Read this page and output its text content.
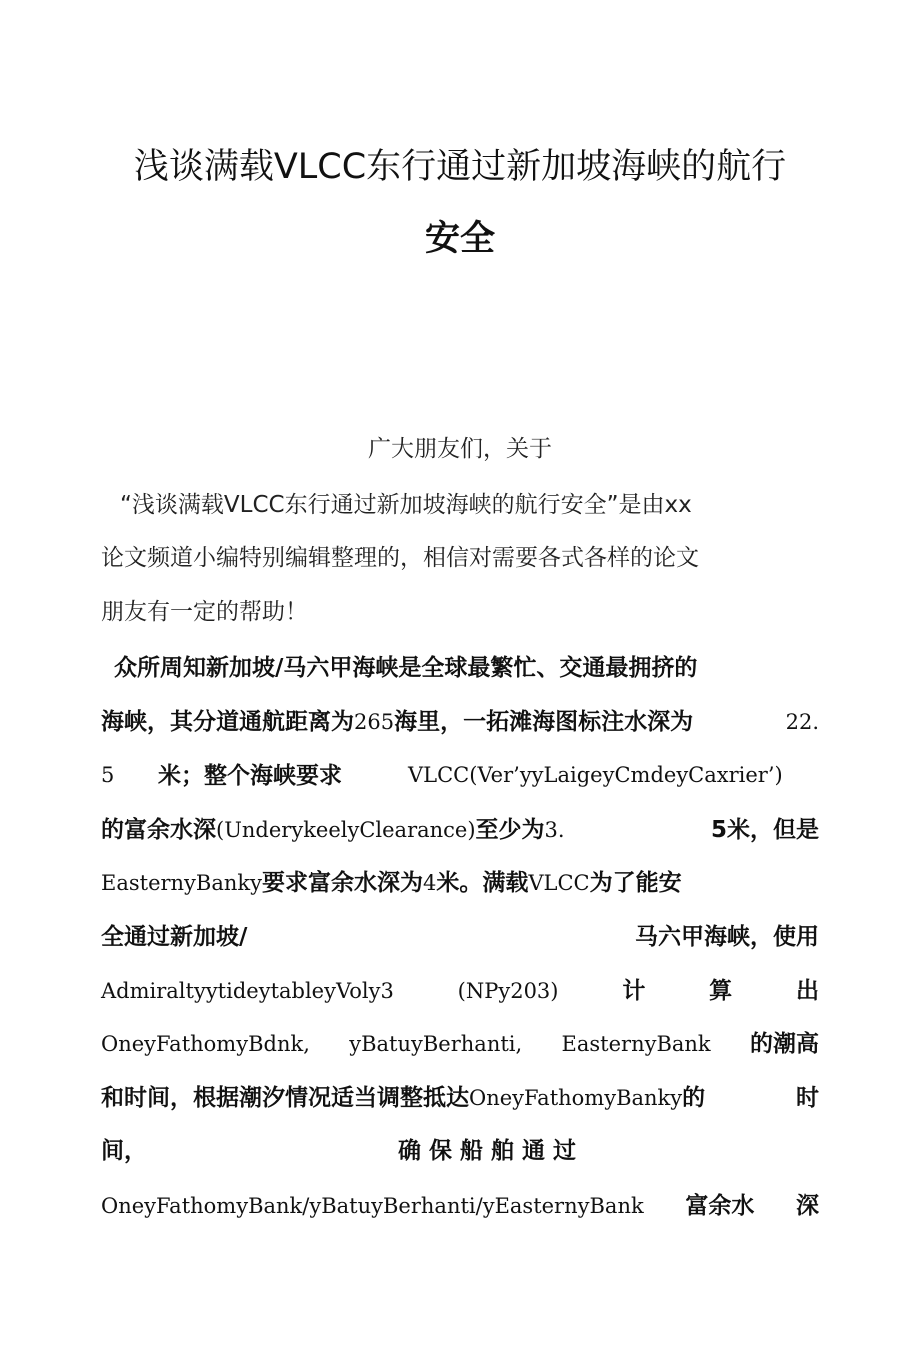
浅谈满载VLCC东行通过新加坡海峡的航行
安全
广大朋友们，关于
“浅谈满载VLCC东行通过新加坡海峡的航行安全”是由xx
论文频道小编特别编辑整理的，相信对需要各式各样的论文
朋友有一定的帮助！
众所周知新加坡/马六甲海峡是全球最繁忙、交通最拥挤的
海峡，其分道通航距离为265海里，一拓滩海图标注水深为	22.
5 米；整个海峡要求	VLCC(Ver’yyLaigeyCmdeyCaxrier’)
的富余水深(UnderykeelyClearance)至少为3.	5米，但是
EasternyBanky要求富余水深为4米。满载VLCC为了能安
全通过新加坡/	马六甲海峡，使用
AdmiraltyytideytableyVoly3	(NPy203)	计	算	出
OneyFathomyBdnk, yBatuyBerhanti, EasternyBank 的潮高
和时间，根据潮汐情况适当调整抵达OneyFathomyBanky的	时
间，	确 保 船 舶 通 过
OneyFathomyBank/yBatuyBerhanti/yEasternyBank 富余水 深
